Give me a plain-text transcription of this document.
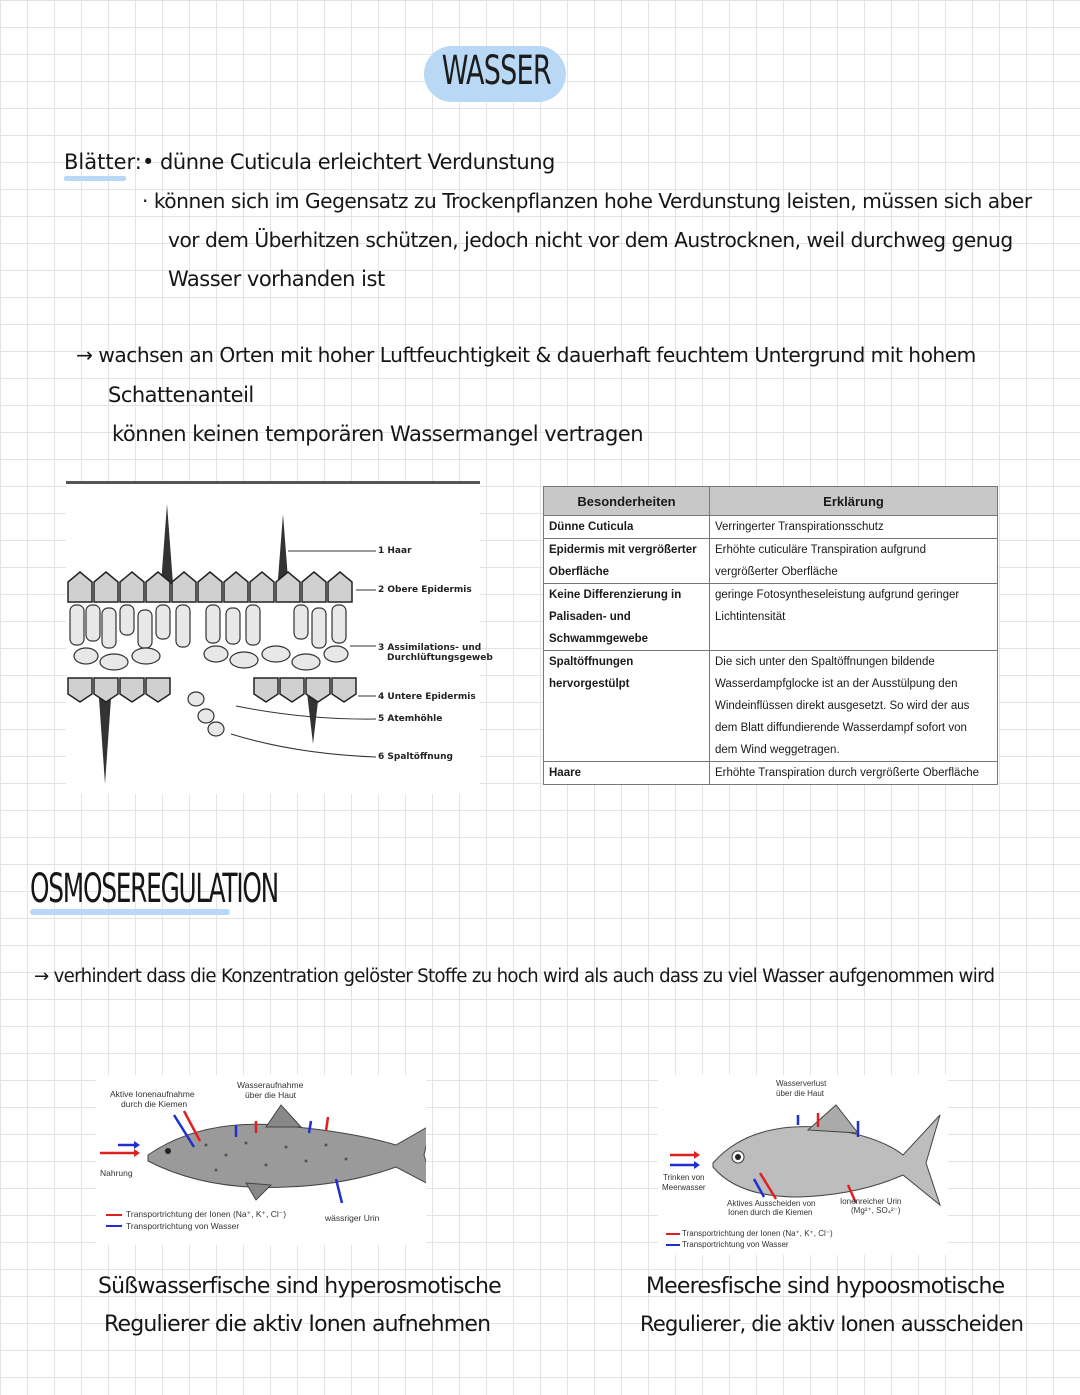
WASSER
Blätter: • dünne Cuticula erleichtert Verdunstung
· können sich im Gegensatz zu Trockenpflanzen hohe Verdunstung leisten, müssen sich aber
vor dem Überhitzen schützen, jedoch nicht vor dem Austrocknen, weil durchweg genug
Wasser vorhanden ist
→ wachsen an Orten mit hoher Luftfeuchtigkeit & dauerhaft feuchtem Untergrund mit hohem
Schattenanteil
können keinen temporären Wassermangel vertragen
1 Haar
2 Obere Epidermis
3 Assimilations- und
Durchlüftungsgeweb
4 Untere Epidermis
5 Atemhöhle
6 Spaltöffnung
Besonderheiten	Erklärung
Dünne Cuticula	Verringerter Transpirationsschutz
Epidermis mit vergrößerter	Erhöhte cuticuläre Transpiration aufgrund
Oberfläche	vergrößerter Oberfläche
Keine Differenzierung in	geringe Fotosyntheseleistung aufgrund geringer
Palisaden- und	Lichtintensität
Schwammgewebe	
Spaltöffnungen	Die sich unter den Spaltöffnungen bildende
hervorgestülpt	Wasserdampfglocke ist an der Ausstülpung den
	Windeinflüssen direkt ausgesetzt. So wird der aus
	dem Blatt diffundierende Wasserdampf sofort von
	dem Wind weggetragen.
Haare	Erhöhte Transpiration durch vergrößerte Oberfläche
OSMOSEREGULATION
→ verhindert dass die Konzentration gelöster Stoffe zu hoch wird als auch dass zu viel Wasser aufgenommen wird
Aktive Ionenaufnahme
durch die Kiemen
Wasseraufnahme
über die Haut
Nahrung
wässriger Urin
Transportrichtung der Ionen (Na⁺, K⁺, Cl⁻)
Transportrichtung von Wasser
Wasserverlust
über die Haut
Trinken von
Meerwasser
Aktives Ausscheiden von
Ionen durch die Kiemen
Ionenreicher Urin
(Mg²⁺, SO₄²⁻)
Transportrichtung der Ionen (Na⁺, K⁺, Cl⁻)
Transportrichtung von Wasser
Süßwasserfische sind hyperosmotische
Regulierer die aktiv Ionen aufnehmen
Meeresfische sind hypoosmotische
Regulierer, die aktiv Ionen ausscheiden
